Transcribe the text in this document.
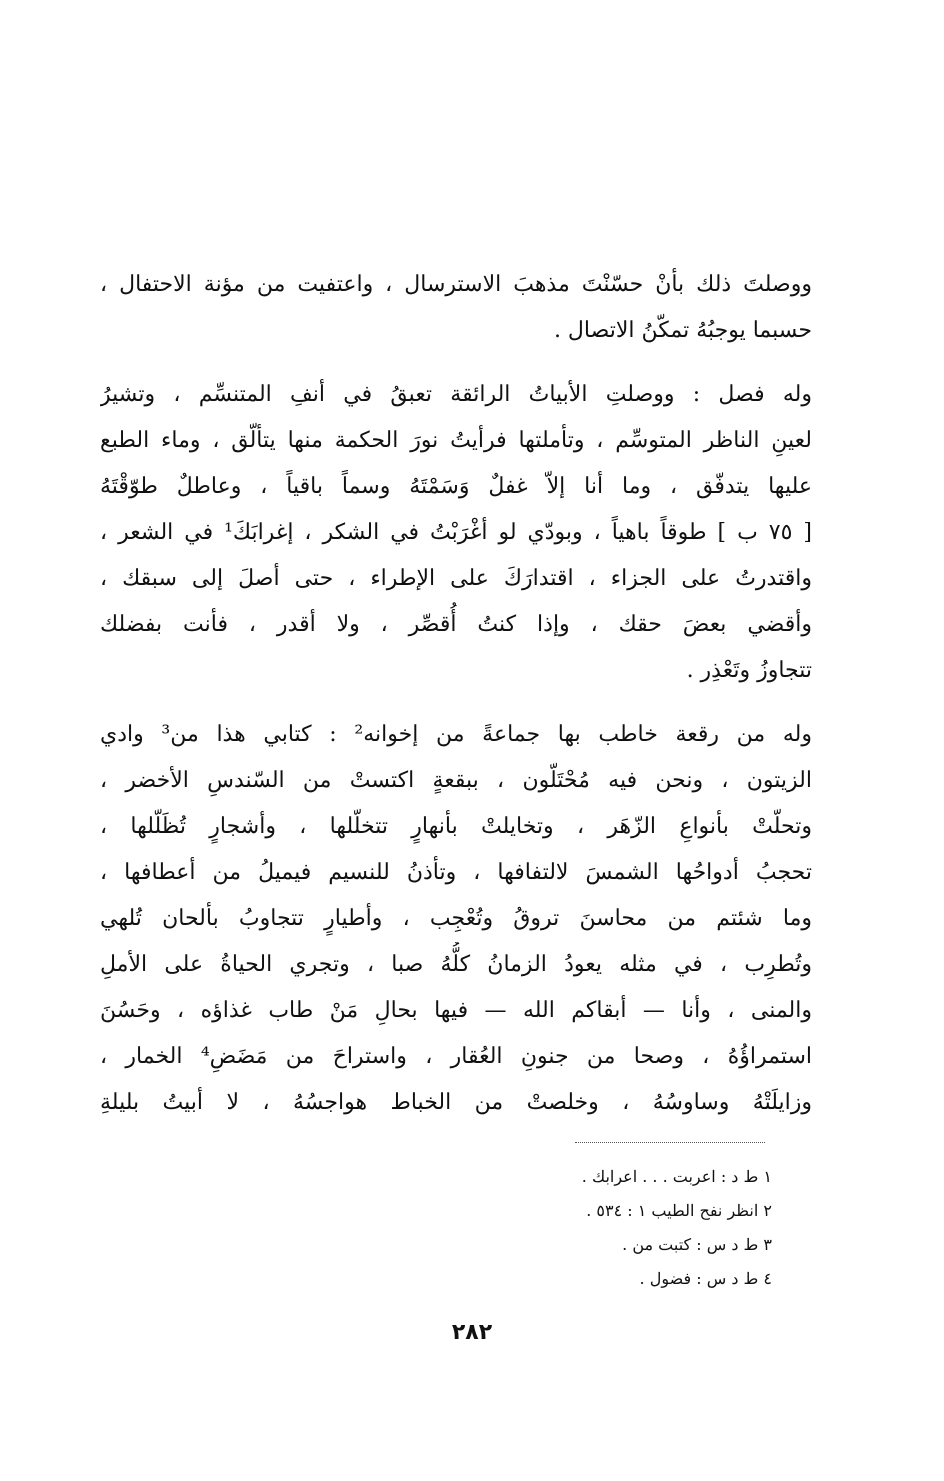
ووصلتَ ذلك بأنْ حسّنْتَ مذهبَ الاسترسال ، واعتفيت من مؤنة الاحتفال ،
حسبما يوجبُهُ تمكّنُ الاتصال .
وله فصل : ووصلتِ الأبياتُ الرائقة تعبقُ في أنفِ المتنسِّم ، وتشيرُ
لعينِ الناظر المتوسِّم ، وتأملتها فرأيتُ نورَ الحكمة منها يتألّق ، وماء الطبع
عليها يتدفّق ، وما أنا إلاّ غفلٌ وَسَمْتَهُ وسماً باقياً ، وعاطلٌ طوّقْتَهُ
[ ٧٥ ب ] طوقاً باهياً ، وبودّي لو أغْرَبْتُ في الشكر ، إغرابَكَ¹ في الشعر ،
واقتدرتُ على الجزاء ، اقتدارَكَ على الإطراء ، حتى أصلَ إلى سبقك ،
وأقضي بعضَ حقك ، وإذا كنتُ أُقصِّر ، ولا أقدر ، فأنت بفضلك
تتجاوزُ وتَعْذِر .
وله من رقعة خاطب بها جماعةً من إخوانه² : كتابي هذا من³ وادي
الزيتون ، ونحن فيه مُحْتَلّون ، ببقعةٍ اكتستْ من السّندسِ الأخضر ،
وتحلّتْ بأنواعِ الزّهَر ، وتخايلتْ بأنهارٍ تتخلّلها ، وأشجارٍ تُظَلّلها ،
تحجبُ أدواحُها الشمسَ لالتفافها ، وتأذنُ للنسيم فيميلُ من أعطافها ،
وما شئتم من محاسنَ تروقُ وتُعْجِب ، وأطيارٍ تتجاوبُ بألحان تُلهي
وتُطرِب ، في مثله يعودُ الزمانُ كلُّهُ صبا ، وتجري الحياةُ على الأملِ
والمنى ، وأنا — أبقاكم الله — فيها بحالِ مَنْ طاب غذاؤه ، وحَسُنَ
استمراؤُهُ ، وصحا من جنونِ العُقار ، واستراحَ من مَضَضِ⁴ الخمار ،
وزايلَتْهُ وساوسُهُ ، وخلصتْ من الخباط هواجسُهُ ، لا أبيتُ بليلةِ
١ ط د : اعربت . . . اعرابك .
٢ انظر نفح الطيب ١ : ٥٣٤ .
٣ ط د س : كتبت من .
٤ ط د س : فضول .
٢٨٢
